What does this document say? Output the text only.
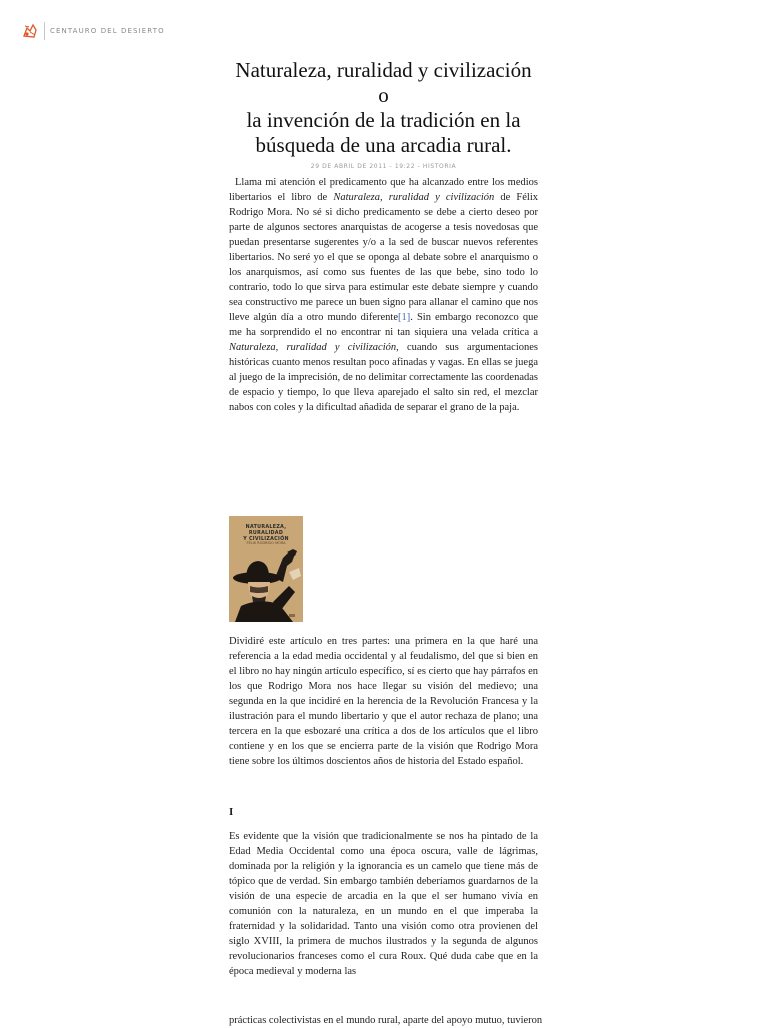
CENTAURO DEL DESIERTO
Naturaleza, ruralidad y civilización o
la invención de la tradición en la
búsqueda de una arcadia rural.
29 DE ABRIL DE 2011 - 19:22 - HISTORIA

Llama mi atención el predicamento que ha alcanzado entre los medios libertarios el libro de Naturaleza, ruralidad y civilización de Félix Rodrigo Mora. No sé si dicho predicamento se debe a cierto deseo por parte de algunos sectores anarquistas de acogerse a tesis novedosas que puedan presentarse sugerentes y/o a la sed de buscar nuevos referentes libertarios. No seré yo el que se oponga al debate sobre el anarquismo o los anarquismos, así como sus fuentes de las que bebe, sino todo lo contrario, todo lo que sirva para estimular este debate siempre y cuando sea constructivo me parece un buen signo para allanar el camino que nos lleve algún día a otro mundo diferente[1]. Sin embargo reconozco que me ha sorprendido el no encontrar ni tan siquiera una velada crítica a Naturaleza, ruralidad y civilización, cuando sus argumentaciones históricas cuanto menos resultan poco afinadas y vagas. En ellas se juega al juego de la imprecisión, de no delimitar correctamente las coordenadas de espacio y tiempo, lo que lleva aparejado el salto sin red, el mezclar nabos con coles y la dificultad añadida de separar el grano de la paja.

NATURALEZA, RURALIDAD
Y CIVILIZACIÓN
FÉLIX RODRIGO MORA

Dividiré este artículo en tres partes: una primera en la que haré una referencia a la edad media occidental y al feudalismo, del que si bien en el libro no hay ningún artículo específico, sí es cierto que hay párrafos en los que Rodrigo Mora nos hace llegar su visión del medievo; una segunda en la que incidiré en la herencia de la Revolución Francesa y la ilustración para el mundo libertario y que el autor rechaza de plano; una tercera en la que esbozaré una crítica a dos de los artículos que el libro contiene y en los que se encierra parte de la visión que Rodrigo Mora tiene sobre los últimos doscientos años de historia del Estado español.

I

Es evidente que la visión que tradicionalmente se nos ha pintado de la Edad Media Occidental como una época oscura, valle de lágrimas, dominada por la religión y la ignorancia es un camelo que tiene más de tópico que de verdad. Sin embargo también deberíamos guardarnos de la visión de una especie de arcadia en la que el ser humano vivía en comunión con la naturaleza, en un mundo en el que imperaba la fraternidad y la solidaridad. Tanto una visión como otra provienen del siglo XVIII, la primera de muchos ilustrados y la segunda de algunos revolucionarios franceses como el cura Roux. Qué duda cabe que en la época medieval y moderna las

prácticas colectivistas en el mundo rural, aparte del apoyo mutuo, tuvieron
